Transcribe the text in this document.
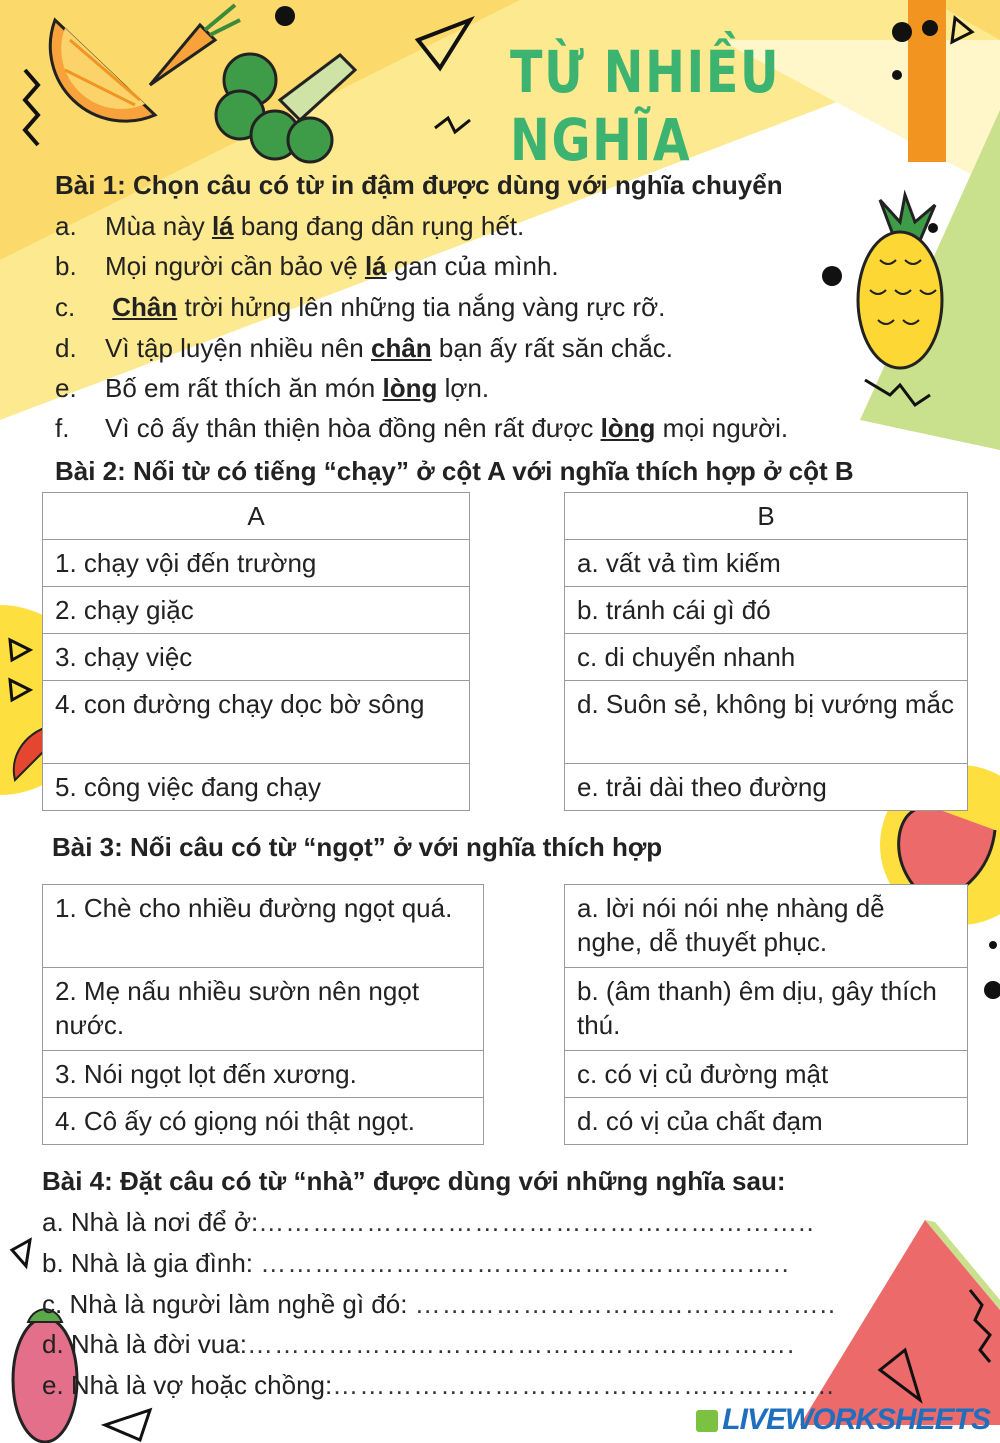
TỪ NHIỀU NGHĨA
Bài 1: Chọn câu có từ in đậm được dùng với nghĩa chuyển
a. Mùa này lá bang đang dần rụng hết.
b. Mọi người cần bảo vệ lá gan của mình.
c. Chân trời hửng lên những tia nắng vàng rực rỡ.
d. Vì tập luyện nhiều nên chân bạn ấy rất săn chắc.
e. Bố em rất thích ăn món lòng lợn.
f. Vì cô ấy thân thiện hòa đồng nên rất được lòng mọi người.
Bài 2: Nối từ có tiếng “chạy” ở cột A với nghĩa thích hợp ở cột B
A
1. chạy vội đến trường
2. chạy giặc
3. chạy việc
4. con đường chạy dọc bờ sông
5. công việc đang chạy
B
a. vất vả tìm kiếm
b. tránh cái gì đó
c. di chuyển nhanh
d. Suôn sẻ, không bị vướng mắc
e. trải dài theo đường
Bài 3: Nối câu có từ “ngọt” ở với nghĩa thích hợp
1. Chè cho nhiều đường ngọt quá.
2. Mẹ nấu nhiều sườn nên ngọt nước.
3. Nói ngọt lọt đến xương.
4. Cô ấy có giọng nói thật ngọt.
a. lời nói nói nhẹ nhàng dễ nghe, dễ thuyết phục.
b. (âm thanh) êm dịu, gây thích thú.
c. có vị củ đường mật
d. có vị của chất đạm
Bài 4: Đặt câu có từ “nhà” được dùng với những nghĩa sau:
a. Nhà là nơi để ở:……………………………………………………..
b. Nhà là gia đình: …………………………………………………..
c. Nhà là người làm nghề gì đó: ………………………………………..
d. Nhà là đời vua:…………………………………………………….
e. Nhà là vợ hoặc chồng:………………………………………………..
LIVEWORKSHEETS
